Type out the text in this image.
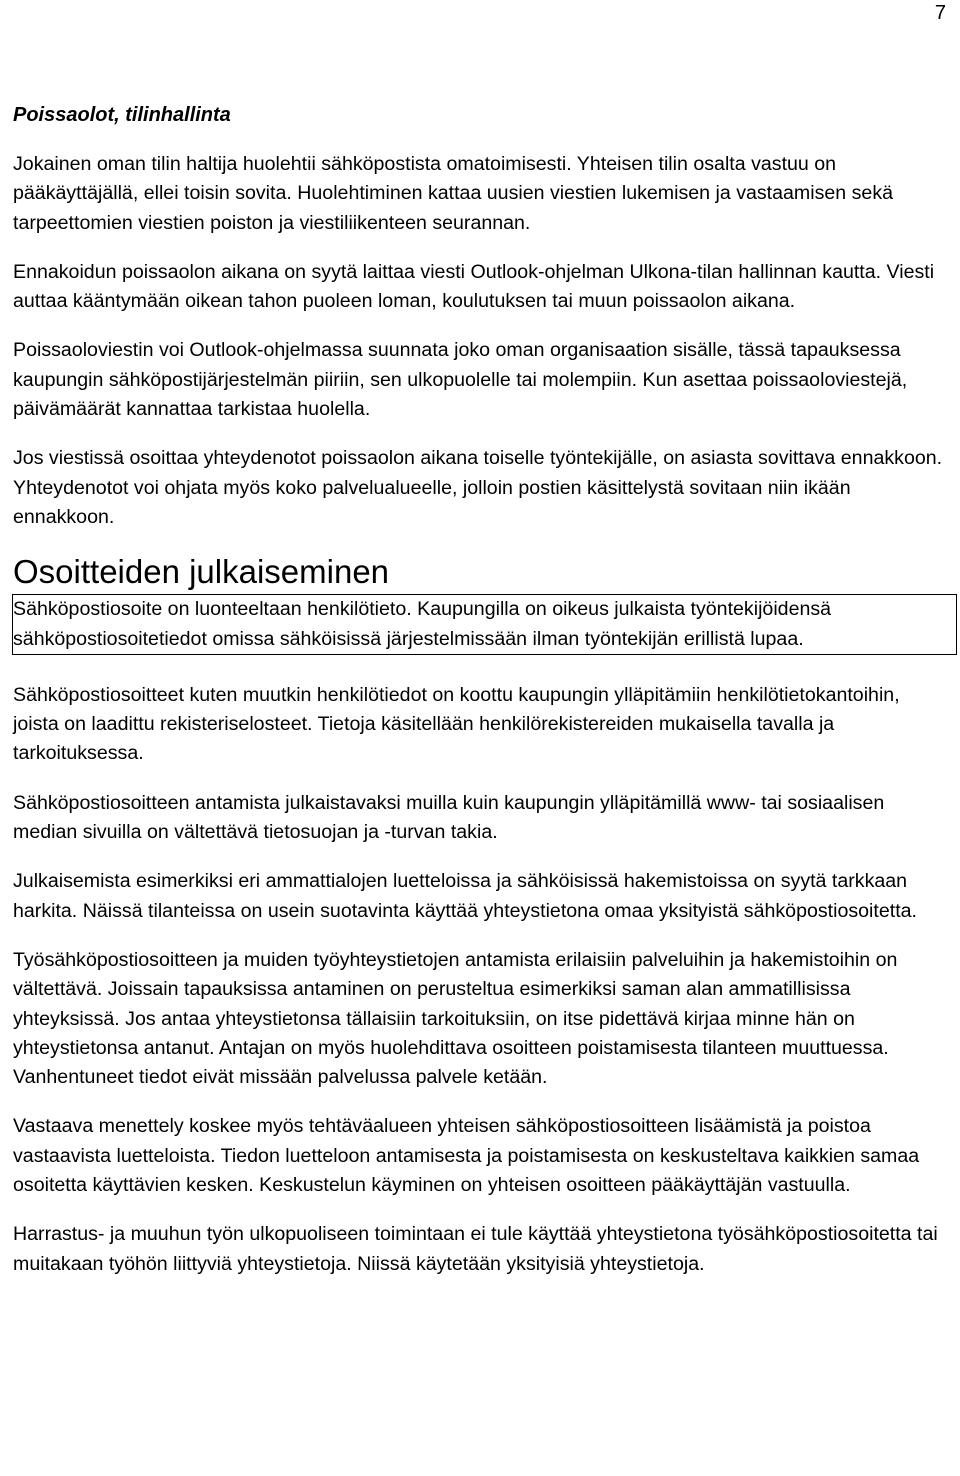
7
Poissaolot, tilinhallinta

Jokainen oman tilin haltija huolehtii sähköpostista omatoimisesti. Yhteisen tilin osalta vastuu on pääkäyttäjällä, ellei toisin sovita. Huolehtiminen kattaa uusien viestien lukemisen ja vastaamisen sekä tarpeettomien viestien poiston ja viestiliikenteen seurannan.

Ennakoidun poissaolon aikana on syytä laittaa viesti Outlook-ohjelman Ulkona-tilan hallinnan kautta. Viesti auttaa kääntymään oikean tahon puoleen loman, koulutuksen tai muun poissaolon aikana.

Poissaoloviestin voi Outlook-ohjelmassa suunnata joko oman organisaation sisälle, tässä tapauksessa kaupungin sähköpostijärjestelmän piiriin, sen ulkopuolelle tai molempiin. Kun asettaa poissaoloviestejä, päivämäärät kannattaa tarkistaa huolella.

Jos viestissä osoittaa yhteydenotot poissaolon aikana toiselle työntekijälle, on asiasta sovittava ennakkoon. Yhteydenotot voi ohjata myös koko palvelualueelle, jolloin postien käsittelystä sovitaan niin ikään ennakkoon.

Osoitteiden julkaiseminen

Sähköpostiosoite on luonteeltaan henkilötieto. Kaupungilla on oikeus julkaista työntekijöidensä sähköpostiosoitetiedot omissa sähköisissä järjestelmissään ilman työntekijän erillistä lupaa.

Sähköpostiosoitteet kuten muutkin henkilötiedot on koottu kaupungin ylläpitämiin henkilötietokantoihin, joista on laadittu rekisteriselosteet. Tietoja käsitellään henkilörekistereiden mukaisella tavalla ja tarkoituksessa.

Sähköpostiosoitteen antamista julkaistavaksi muilla kuin kaupungin ylläpitämillä www- tai sosiaalisen median sivuilla on vältettävä tietosuojan ja -turvan takia.

Julkaisemista esimerkiksi eri ammattialojen luetteloissa ja sähköisissä hakemistoissa on syytä tarkkaan harkita. Näissä tilanteissa on usein suotavinta käyttää yhteystietona omaa yksityistä sähköpostiosoitetta.

Työsähköpostiosoitteen ja muiden työyhteystietojen antamista erilaisiin palveluihin ja hakemistoihin on vältettävä. Joissain tapauksissa antaminen on perusteltua esimerkiksi saman alan ammatillisissa yhteyksissä. Jos antaa yhteystietonsa tällaisiin tarkoituksiin, on itse pidettävä kirjaa minne hän on yhteystietonsa antanut. Antajan on myös huolehdittava osoitteen poistamisesta tilanteen muuttuessa. Vanhentuneet tiedot eivät missään palvelussa palvele ketään.

Vastaava menettely koskee myös tehtäväalueen yhteisen sähköpostiosoitteen lisäämistä ja poistoa vastaavista luetteloista. Tiedon luetteloon antamisesta ja poistamisesta on keskusteltava kaikkien samaa osoitetta käyttävien kesken. Keskustelun käyminen on yhteisen osoitteen pääkäyttäjän vastuulla.

Harrastus- ja muuhun työn ulkopuoliseen toimintaan ei tule käyttää yhteystietona työsähköpostiosoitetta tai muitakaan työhön liittyviä yhteystietoja. Niissä käytetään yksityisiä yhteystietoja.
